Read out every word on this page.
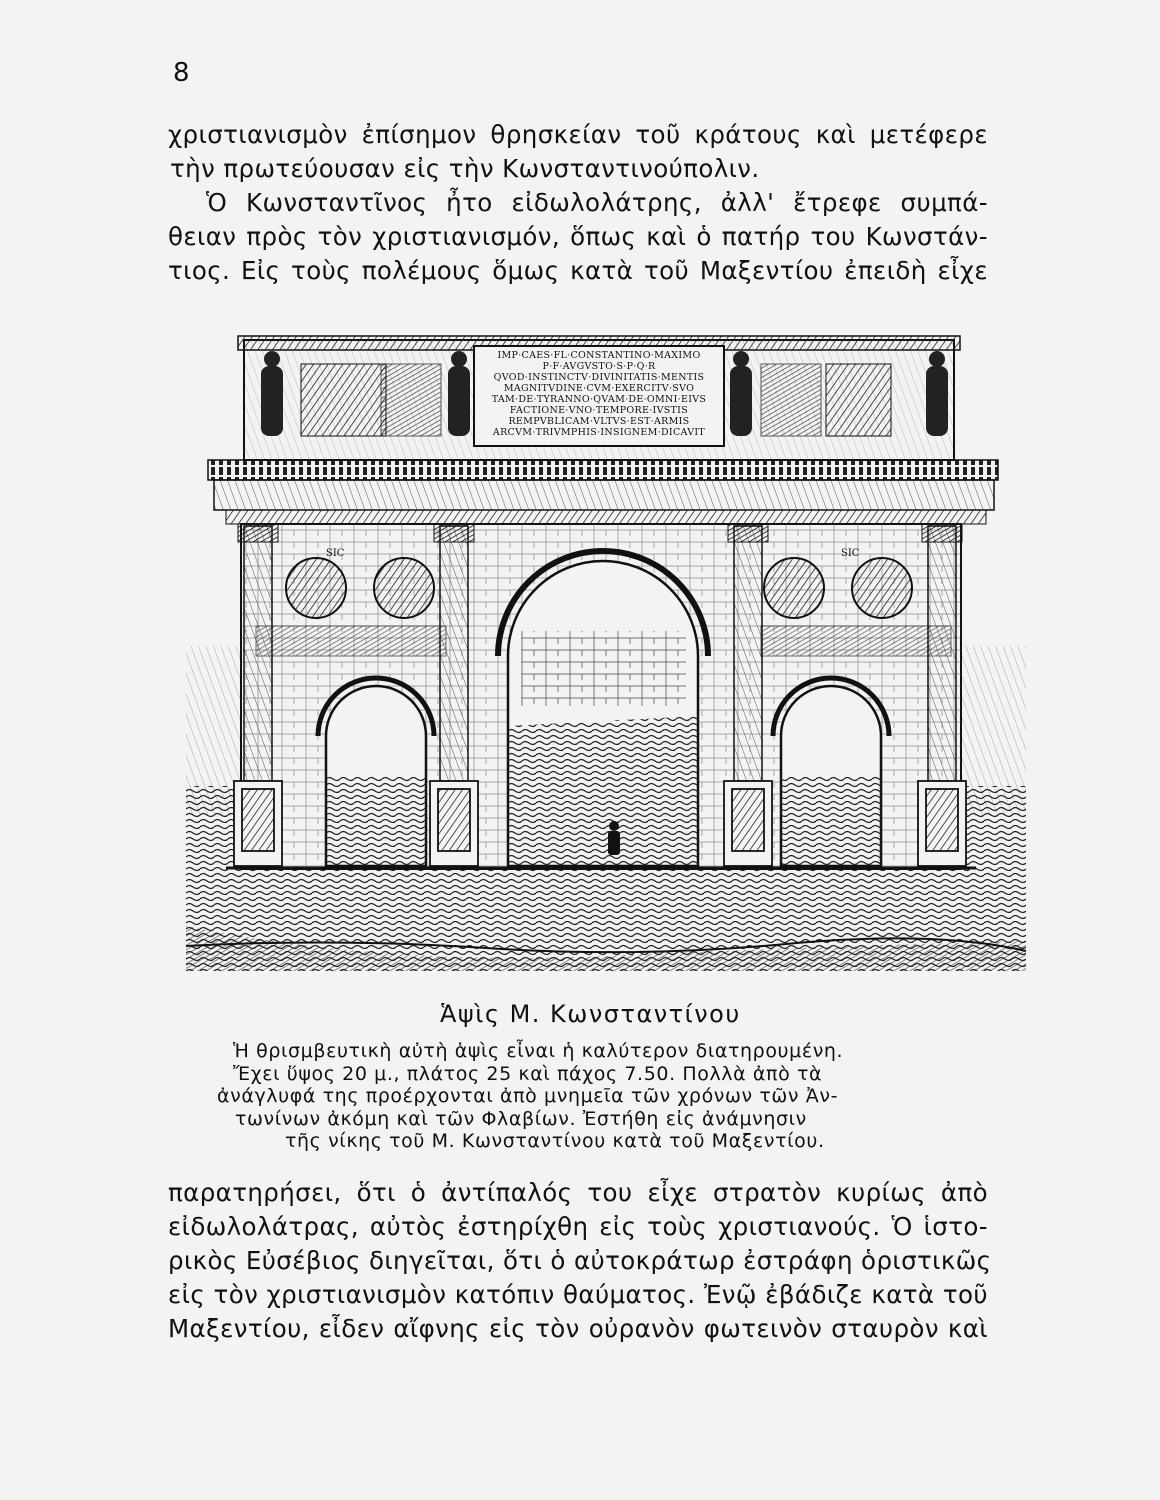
8
χριστιανισμὸν ἐπίσημον θρησκείαν τοῦ κράτους καὶ μετέφερε
τὴν πρωτεύουσαν εἰς τὴν Κωνσταντινούπολιν.
Ὁ Κωνσταντῖνος ἦτο εἰδωλολάτρης, ἀλλ' ἔτρεφε συμπά-
θειαν πρὸς τὸν χριστιανισμόν, ὅπως καὶ ὁ πατήρ του Κωνστάν-
τιος. Εἰς τοὺς πολέμους ὅμως κατὰ τοῦ Μαξεντίου ἐπειδὴ εἶχε
IMP·CAES·FL·CONSTANTINO·MAXIMO
P·F·AVGVSTO·S·P·Q·R
QVOD·INSTINCTV·DIVINITATIS·MENTIS
MAGNITVDINE·CVM·EXERCITV·SVO
TAM·DE·TYRANNO·QVAM·DE·OMNI·EIVS
FACTIONE·VNO·TEMPORE·IVSTIS
REMPVBLICAM·VLTVS·EST·ARMIS
ARCVM·TRIVMPHIS·INSIGNEM·DICAVIT
SIC	SIC
Ἁψὶς Μ. Κωνσταντίνου
Ἡ θρισμβευτικὴ αὐτὴ ἁψὶς εἶναι ἡ καλύτερον διατηρουμένη.
Ἔχει ὕψος 20 μ., πλάτος 25 καὶ πάχος 7.50. Πολλὰ ἀπὸ τὰ
ἀνάγλυφά της προέρχονται ἀπὸ μνημεῖα τῶν χρόνων τῶν Ἀν-
τωνίνων ἀκόμη καὶ τῶν Φλαβίων. Ἐστήθη εἰς ἀνάμνησιν
τῆς νίκης τοῦ Μ. Κωνσταντίνου κατὰ τοῦ Μαξεντίου.
παρατηρήσει, ὅτι ὁ ἀντίπαλός του εἶχε στρατὸν κυρίως ἀπὸ
εἰδωλολάτρας, αὐτὸς ἐστηρίχθη εἰς τοὺς χριστιανούς. Ὁ ἱστο-
ρικὸς Εὐσέβιος διηγεῖται, ὅτι ὁ αὐτοκράτωρ ἐστράφη ὁριστικῶς
εἰς τὸν χριστιανισμὸν κατόπιν θαύματος. Ἐνῷ ἐβάδιζε κατὰ τοῦ
Μαξεντίου, εἶδεν αἴφνης εἰς τὸν οὐρανὸν φωτεινὸν σταυρὸν καὶ
